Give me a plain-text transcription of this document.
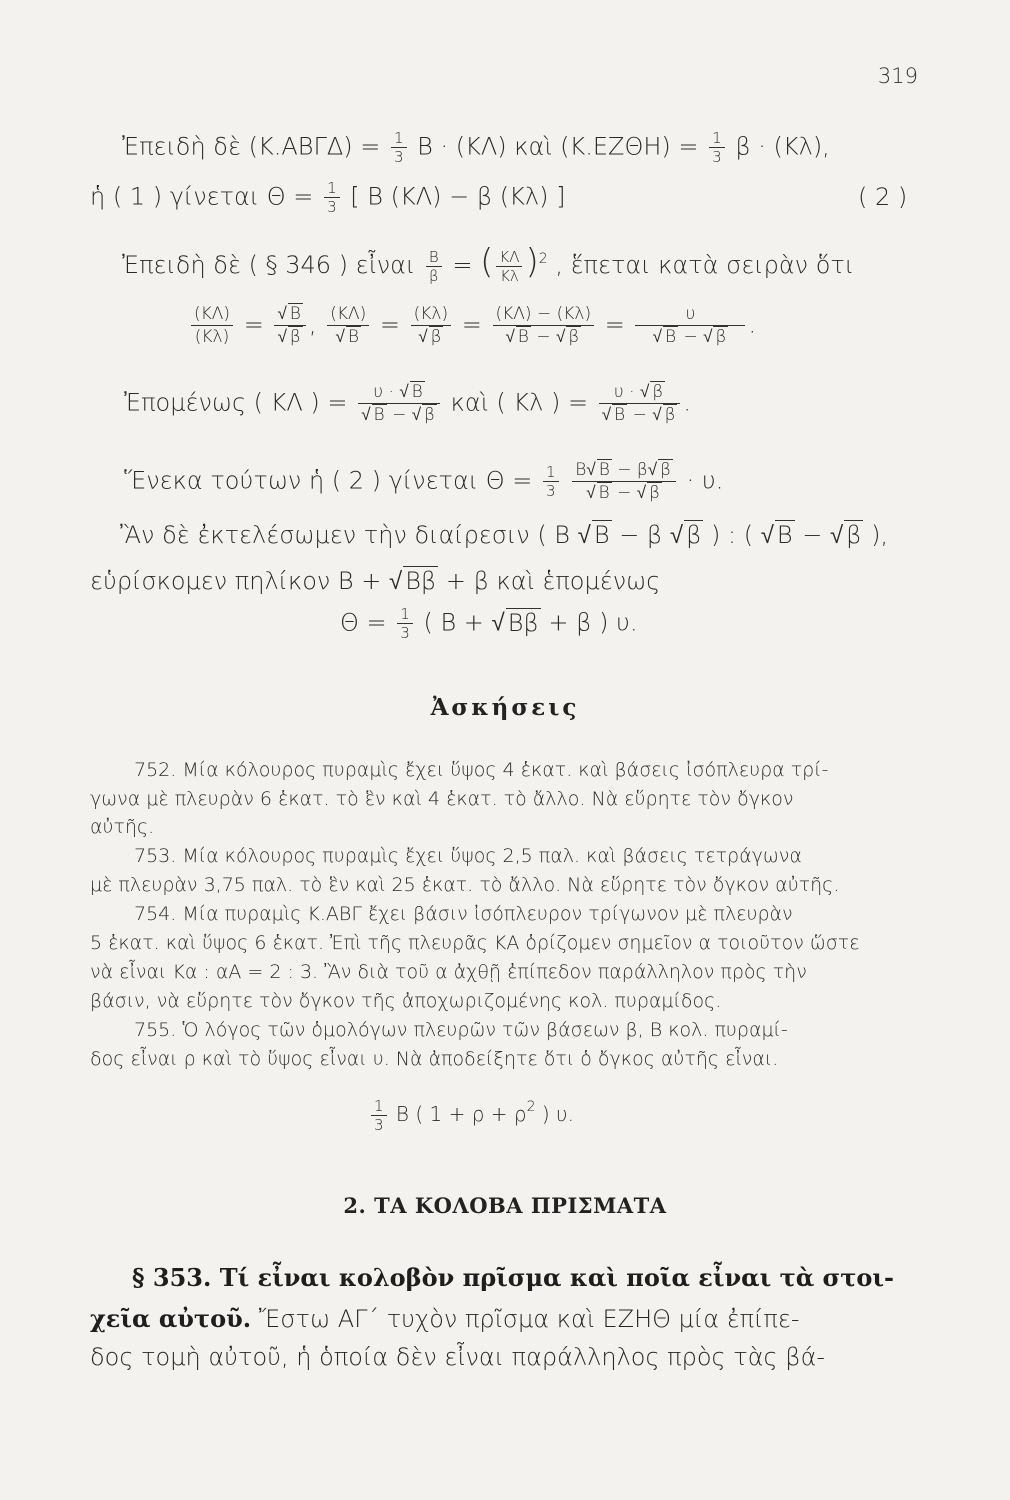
319
Ἐπειδὴ δὲ $(K.AB\Gamma\Delta) = \frac{1}{3}$ Β · (ΚΛ) καὶ $(K.EZ\Theta H) = \frac{1}{3}$ β · (Κλ),
ἡ ( 1 ) γίνεται $\Theta = \frac{1}{3}$ [ Β (ΚΛ) − β (Κλ) ]	( 2 )
Ἐπειδὴ δὲ ( § 346 ) εἶναι $\frac{B}{\beta}$ = ( $\frac{K\Lambda}{K\lambda} )^2$ , ἕπεται κατὰ σειρὰν ὅτι
$\frac{(K\Lambda)}{(K\lambda)} = \frac{√ B}{√ \beta}$ , $\frac{(K\Lambda)}{√ B} = \frac{(K\lambda)}{√ \beta} = \frac{(K\Lambda) - (K\lambda)}{√ B - √ \beta} = \frac{\upsilon}{√ B - √ \beta}$ .
Ἐπομένως ( ΚΛ ) = $\frac{\upsilon \cdot √ B}{√ B - √ \beta}$ καὶ ( Κλ ) = $\frac{\upsilon \cdot √ \beta}{√ B - √ \beta}$ .
Ἕνεκα τούτων ἡ ( 2 ) γίνεται $\Theta = \frac{1}{3}$
$\frac{B√ B - \beta√ \beta}{√ B - √ \beta} \cdot \upsilon$.
Ἂν δὲ ἐκτελέσωμεν τὴν διαίρεσιν ( Β √ Β − β √ β ) : ( √ Β − √ β ),
εὑρίσκομεν πηλίκον Β + √ Ββ + β καὶ ἑπομένως
$\Theta = \frac{1}{3}$ ( Β + √ Ββ + β ) υ.
Ἀσκήσεις
752. Μία κόλουρος πυραμὶς ἔχει ὕψος 4 ἑκατ. καὶ βάσεις ἰσόπλευρα τρί-
γωνα μὲ πλευρὰν 6 ἑκατ. τὸ ἓν καὶ 4 ἑκατ. τὸ ἄλλο. Νὰ εὕρητε τὸν ὄγκον
αὐτῆς.
753. Μία κόλουρος πυραμὶς ἔχει ὕψος 2,5 παλ. καὶ βάσεις τετράγωνα
μὲ πλευρὰν 3,75 παλ. τὸ ἓν καὶ 25 ἑκατ. τὸ ἄλλο. Νὰ εὕρητε τὸν ὄγκον αὐτῆς.
754. Μία πυραμὶς Κ.ΑΒΓ ἔχει βάσιν ἰσόπλευρον τρίγωνον μὲ πλευρὰν
5 ἑκατ. καὶ ὕψος 6 ἑκατ. Ἐπὶ τῆς πλευρᾶς ΚΑ ὁρίζομεν σημεῖον α τοιοῦτον ὥστε
νὰ εἶναι Κα : αΑ = 2 : 3. Ἂν διὰ τοῦ α ἀχθῇ ἐπίπεδον παράλληλον πρὸς τὴν
βάσιν, νὰ εὕρητε τὸν ὄγκον τῆς ἀποχωριζομένης κολ. πυραμίδος.
755. Ὁ λόγος τῶν ὁμολόγων πλευρῶν τῶν βάσεων β, Β κολ. πυραμί-
δος εἶναι ρ καὶ τὸ ὕψος εἶναι υ. Νὰ ἀποδείξητε ὅτι ὁ ὄγκος αὐτῆς εἶναι.
$\frac{1}{3}$ Β ( $1 + \rho + \rho^2$ ) υ.
2. ΤΑ ΚΟΛΟΒΑ ΠΡΙΣΜΑΤΑ
§ 353. Τί εἶναι κολοβὸν πρῖσμα καὶ ποῖα εἶναι τὰ στοι-
χεῖα αὐτοῦ. Ἔστω ΑΓ΄ τυχὸν πρῖσμα καὶ ΕΖΗΘ μία ἐπίπε-
δος τομὴ αὐτοῦ, ἡ ὁποία δὲν εἶναι παράλληλος πρὸς τὰς βά-
